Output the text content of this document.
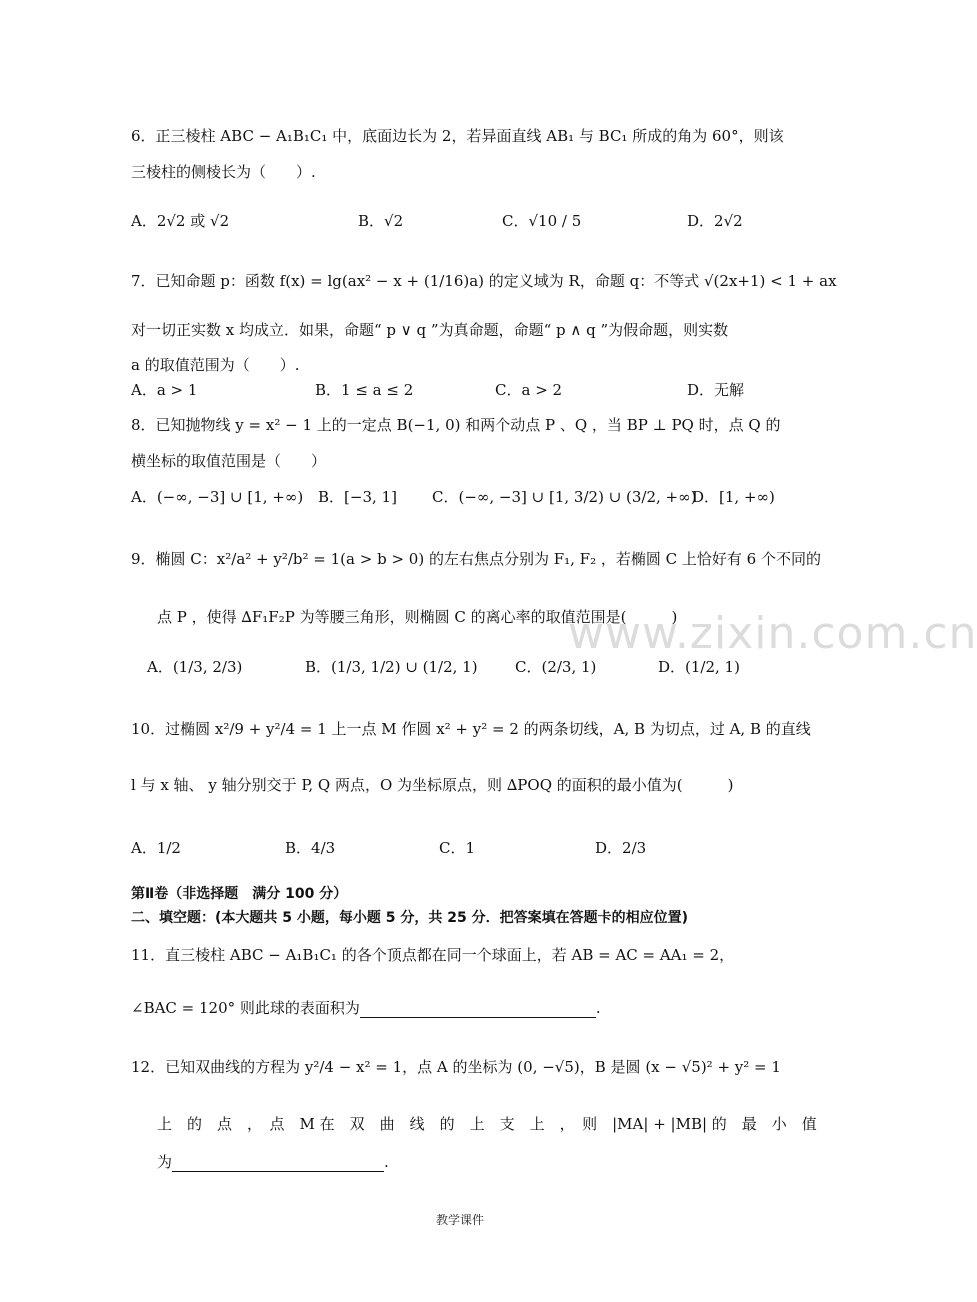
6．正三棱柱 ABC − A₁B₁C₁ 中，底面边长为 2，若异面直线 AB₁ 与 BC₁ 所成的角为 60°，则该
三棱柱的侧棱长为（　　）.
A．2√2 或 √2	B．√2	C．√10 / 5	D．2√2
7．已知命题 p：函数 f(x) = lg(ax² − x + (1/16)a) 的定义域为 R，命题 q：不等式 √(2x+1) < 1 + ax
对一切正实数 x 均成立．如果，命题“ p ∨ q ”为真命题，命题“ p ∧ q ”为假命题，则实数
a 的取值范围为（　　）.
A．a > 1	B．1 ≤ a ≤ 2	C．a > 2	D．无解
8．已知抛物线 y = x² − 1 上的一定点 B(−1, 0) 和两个动点 P 、Q ，当 BP ⊥ PQ 时，点 Q 的
横坐标的取值范围是（　　）
A．(−∞, −3] ∪ [1, +∞) B．[−3, 1] C．(−∞, −3] ∪ [1, 3/2) ∪ (3/2, +∞)
D．[1, +∞)
9．椭圆 C：x²/a² + y²/b² = 1(a > b > 0) 的左右焦点分别为 F₁, F₂ ，若椭圆 C 上恰好有 6 个不同的
点 P ，使得 ∆F₁F₂P 为等腰三角形，则椭圆 C 的离心率的取值范围是(　　　)
A．(1/3, 2/3)	B．(1/3, 1/2) ∪ (1/2, 1) C．(2/3, 1)	D．(1/2, 1)
10．过椭圆 x²/9 + y²/4 = 1 上一点 M 作圆 x² + y² = 2 的两条切线，A, B 为切点，过 A, B 的直线
l 与 x 轴、 y 轴分别交于 P, Q 两点，O 为坐标原点，则 ∆POQ 的面积的最小值为(　　　)
A．1/2	B．4/3	C．1	D．2/3
第Ⅱ卷（非选择题　满分 100 分）
二、填空题：(本大题共 5 小题，每小题 5 分，共 25 分．把答案填在答题卡的相应位置)
11．直三棱柱 ABC − A₁B₁C₁ 的各个顶点都在同一个球面上，若 AB = AC = AA₁ = 2，
∠BAC = 120° 则此球的表面积为	.
12．已知双曲线的方程为 y²/4 − x² = 1，点 A 的坐标为 (0, −√5)，B 是圆 (x − √5)² + y² = 1
上　的　点　，　点　M 在　双　曲　线　的　上　支　上　，　则　|MA| + |MB| 的　最　小　值
为	.
www.zixin.com.cn
教学课件
